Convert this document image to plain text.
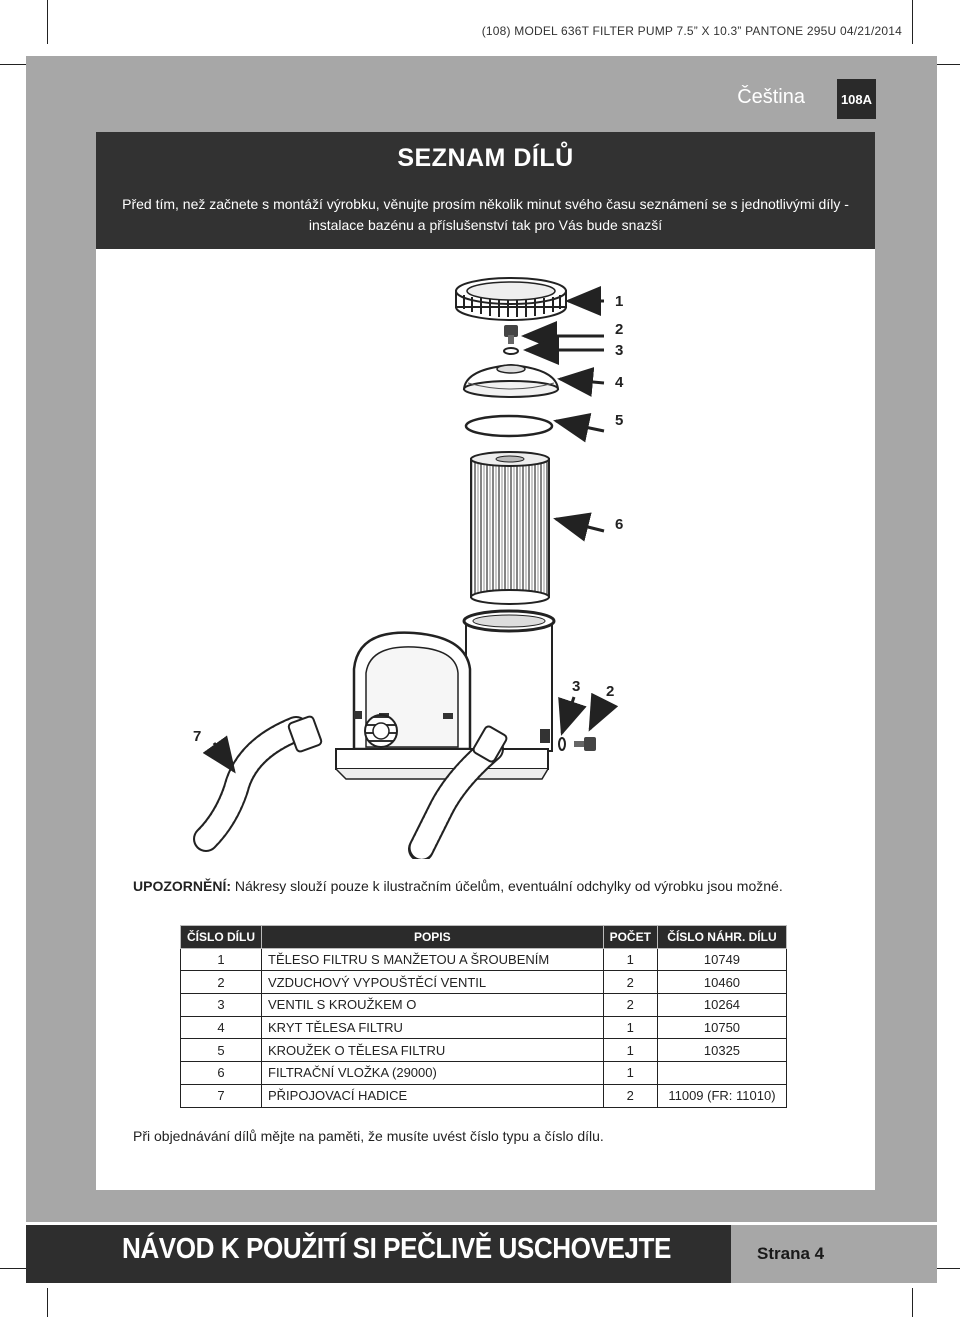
(108) MODEL 636T FILTER PUMP 7.5” X 10.3” PANTONE 295U 04/21/2014
Čeština	108A
SEZNAM DÍLŮ
Před tím, než začnete s montáží výrobku, věnujte prosím několik minut svého času seznámení se s jednotlivými díly - instalace bazénu a příslušenství tak pro Vás bude snazší
1
2
3
4
5
6
3 2
7
UPOZORNĚNÍ: Nákresy slouží pouze k ilustračním účelům, eventuální odchylky od výrobku jsou možné.
ČÍSLO DÍLU	POPIS	POČET	ČÍSLO NÁHR. DÍLU
1	TĚLESO FILTRU S MANŽETOU A ŠROUBENÍM	1	10749
2	VZDUCHOVÝ VYPOUŠTĚCÍ VENTIL	2	10460
3	VENTIL S KROUŽKEM O	2	10264
4	KRYT TĚLESA FILTRU	1	10750
5	KROUŽEK O TĚLESA FILTRU	1	10325
6	FILTRAČNÍ VLOŽKA (29000)	1	
7	PŘIPOJOVACÍ HADICE	2	11009 (FR: 11010)
Při objednávání dílů mějte na paměti, že musíte uvést číslo typu a číslo dílu.
NÁVOD K POUŽITÍ SI PEČLIVĚ USCHOVEJTE	Strana 4
